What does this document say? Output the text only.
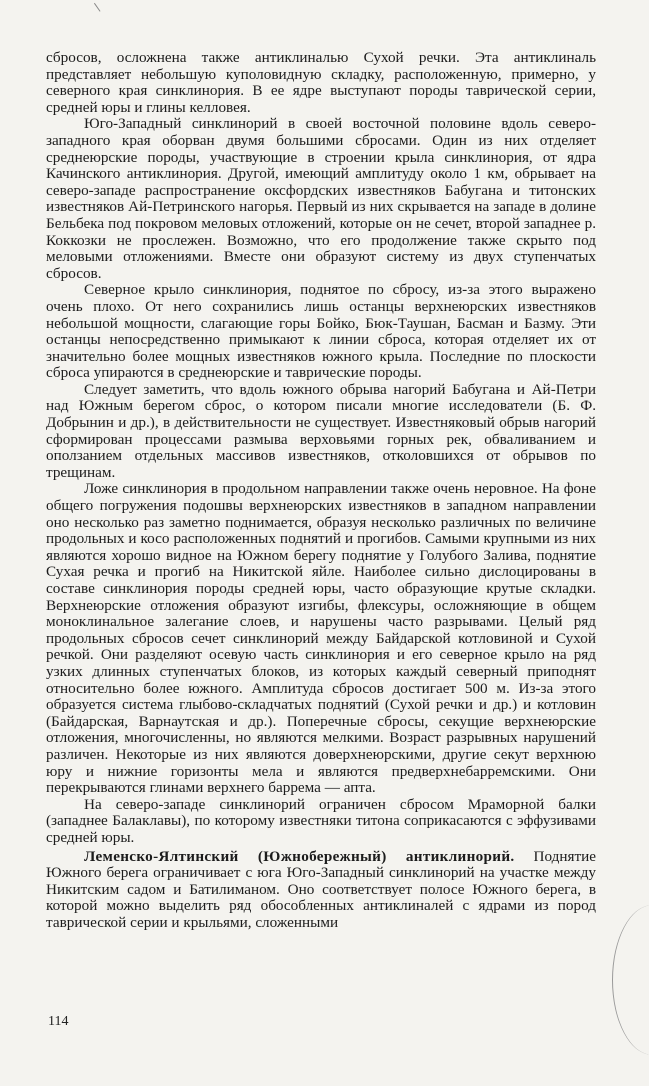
сбросов, осложнена также антиклиналью Сухой речки. Эта антиклиналь представляет небольшую куполовидную складку, расположенную, примерно, у северного края синклинория. В ее ядре выступают породы таврической серии, средней юры и глины келловея.

Юго-Западный синклинорий в своей восточной половине вдоль северо-западного края оборван двумя большими сбросами. Один из них отделяет среднеюрские породы, участвующие в строении крыла синклинория, от ядра Качинского антиклинория. Другой, имеющий амплитуду около 1 км, обрывает на северо-западе распространение оксфордских известняков Бабугана и титонских известняков Ай-Петринского нагорья. Первый из них скрывается на западе в долине Бельбека под покровом меловых отложений, которые он не сечет, второй западнее р. Коккозки не прослежен. Возможно, что его продолжение также скрыто под меловыми отложениями. Вместе они образуют систему из двух ступенчатых сбросов.

Северное крыло синклинория, поднятое по сбросу, из-за этого выражено очень плохо. От него сохранились лишь останцы верхнеюрских известняков небольшой мощности, слагающие горы Бойко, Бюк-Таушан, Басман и Базму. Эти останцы непосредственно примыкают к линии сброса, которая отделяет их от значительно более мощных известняков южного крыла. Последние по плоскости сброса упираются в среднеюрские и таврические породы.

Следует заметить, что вдоль южного обрыва нагорий Бабугана и Ай-Петри над Южным берегом сброс, о котором писали многие исследователи (Б. Ф. Добрынин и др.), в действительности не существует. Известняковый обрыв нагорий сформирован процессами размыва верховьями горных рек, обваливанием и оползанием отдельных массивов известняков, отколовшихся от обрывов по трещинам.

Ложе синклинория в продольном направлении также очень неровное. На фоне общего погружения подошвы верхнеюрских известняков в западном направлении оно несколько раз заметно поднимается, образуя несколько различных по величине продольных и косо расположенных поднятий и прогибов. Самыми крупными из них являются хорошо видное на Южном берегу поднятие у Голубого Залива, поднятие Сухая речка и прогиб на Никитской яйле. Наиболее сильно дислоцированы в составе синклинория породы средней юры, часто образующие крутые складки. Верхнеюрские отложения образуют изгибы, флексуры, осложняющие в общем моноклинальное залегание слоев, и нарушены часто разрывами. Целый ряд продольных сбросов сечет синклинорий между Байдарской котловиной и Сухой речкой. Они разделяют осевую часть синклинория и его северное крыло на ряд узких длинных ступенчатых блоков, из которых каждый северный приподнят относительно более южного. Амплитуда сбросов достигает 500 м. Из-за этого образуется система глыбово-складчатых поднятий (Сухой речки и др.) и котловин (Байдарская, Варнаутская и др.). Поперечные сбросы, секущие верхнеюрские отложения, многочисленны, но являются мелкими. Возраст разрывных нарушений различен. Некоторые из них являются доверхнеюрскими, другие секут верхнюю юру и нижние горизонты мела и являются предверхнебарремскими. Они перекрываются глинами верхнего баррема — апта.

На северо-западе синклинорий ограничен сбросом Мраморной балки (западнее Балаклавы), по которому известняки титона соприкасаются с эффузивами средней юры.

Леменско-Ялтинский (Южнобережный) антиклинорий. Поднятие Южного берега ограничивает с юга Юго-Западный синклинорий на участке между Никитским садом и Батилиманом. Оно соответствует полосе Южного берега, в которой можно выделить ряд обособленных антиклиналей с ядрами из пород таврической серии и крыльями, сложенными

114
